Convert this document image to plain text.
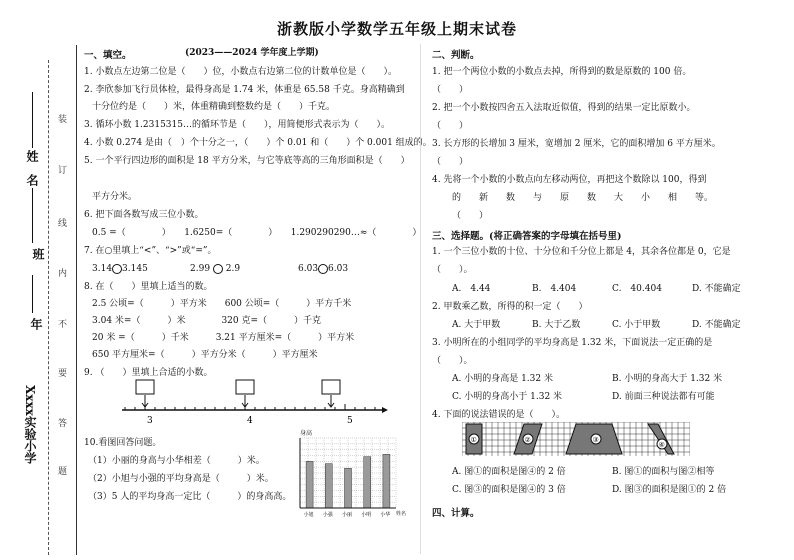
浙教版小学数学五年级上期末试卷
姓　名
班
年
Xxxx实验小学
装
订
线
内
不
要
答
题
一、填空。	(2023——2024 学年度上学期)
1. 小数点左边第二位是（　　）位，小数点右边第二位的计数单位是（　　）。
2. 李欣参加飞行员体检，最得身高是 1.74 米，体重是 65.58 千克。身高精确到
十分位约是（　　）米，体重精确到整数约是（　　）千克。
3. 循环小数 1.2315315…的循环节是（　　），用简便形式表示为（　　）。
4. 小数 0.274 是由（　）个十分之一，（　　）个 0.01 和（　　）个 0.001 组成的。
5. 一个平行四边形的面积是 18 平方分米，与它等底等高的三角形面积是（　　）
平方分米。
6. 把下面各数写成三位小数。
0.5 =（　　　　）　　1.6250=（　　　　）　　1.290290290…≈（　　　　）
7. 在○里填上“<”、“>”或“=”。
3.14 3.145	2.99 2.9̇	6.0̇3̇ 6.0̇3
8. 在（　　）里填上适当的数。
2.5 公顷=（　　　）平方米　　600 公顷=（　　　）平方千米
3.04 米=（　　　）米　　　　320 克=（　　　）千克
20 米 =（　　　）千米　　　3.21 平方厘米=（　　　）平方米
650 平方厘米=（　　　）平方分米（　　　）平方厘米
9. （　　）里填上合适的小数。
3	4	5
10.看图回答问题。
（1）小丽的身高与小华相差（　　　）米。
（2）小旭与小强的平均身高是（　　　）米。
（3）5 人的平均身高一定比（　　　）的身高高。
身高
小旭 小强 小丽 小明 小华 姓名
二、判断。
1. 把一个两位小数的小数点去掉，所得到的数是原数的 100 倍。
（　　）
2. 把一个小数按四舍五入法取近似值，得到的结果一定比原数小。
（　　）
3. 长方形的长增加 3 厘米，宽增加 2 厘米，它的面积增加 6 平方厘米。
（　　）
4. 先将一个小数的小数点向左移动两位，再把这个数除以 100，得到
的　　新　　数　　与　　原　　数　　大　　小　　相　　等。
（　　）
三、选择题。(将正确答案的字母填在括号里)
1. 一个三位小数的十位、十分位和千分位上都是 4，其余各位都是 0，它是
（　　）。
A.　4.44	B.　4.404	C.　40.404	D. 不能确定
2. 甲数乘乙数，所得的积一定（　　）
A. 大于甲数	B. 大于乙数	C. 小于甲数	D. 不能确定
3. 小明所在的小组同学的平均身高是 1.32 米，下面说法一定正确的是
（　　）。
A. 小明的身高是 1.32 米	B. 小明的身高大于 1.32 米
C. 小明的身高小于 1.32 米	D. 前面三种说法都有可能
4. 下面的说法错误的是（　　）。
①	②	③
④
A. 图①的面积是图④的 2 倍	B. 图①的面积与图②相等
C. 图③的面积是图④的 3 倍	D. 图③的面积是图①的 2 倍
四、计算。
